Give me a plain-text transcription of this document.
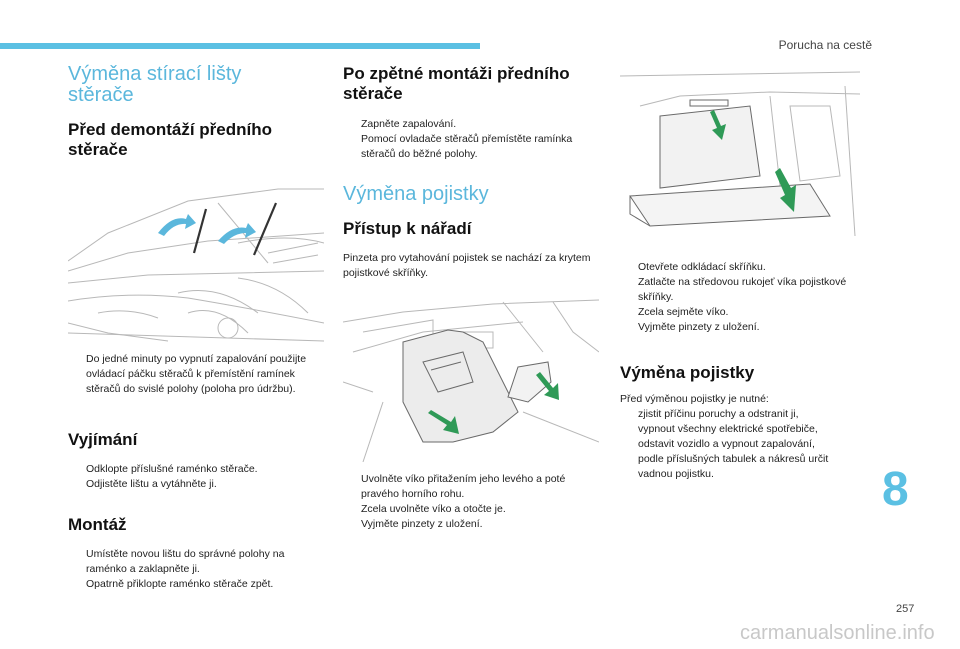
Porucha na cestě
Výměna stírací lišty stěrače
Před demontáží předního stěrače
Do jedné minuty po vypnutí zapalování použijte ovládací páčku stěračů k přemístění ramínek stěračů do svislé polohy (poloha pro údržbu).
Vyjímání
Odklopte příslušné raménko stěrače.
Odjistěte lištu a vytáhněte ji.
Montáž
Umístěte novou lištu do správné polohy na raménko a zaklapněte ji.
Opatrně přiklopte raménko stěrače zpět.
Po zpětné montáži předního stěrače
Zapněte zapalování.
Pomocí ovladače stěračů přemístěte ramínka stěračů do běžné polohy.
Výměna pojistky
Přístup k nářadí

Pinzeta pro vytahování pojistek se nachází za krytem pojistkové skříňky.

Uvolněte víko přitažením jeho levého a poté pravého horního rohu.
Zcela uvolněte víko a otočte je.
Vyjměte pinzety z uložení.
Otevřete odkládací skříňku.
Zatlačte na středovou rukojeť víka pojistkové skříňky.
Zcela sejměte víko.
Vyjměte pinzety z uložení.
Výměna pojistky

Před výměnou pojistky je nutné:

zjistit příčinu poruchy a odstranit ji,
vypnout všechny elektrické spotřebiče,
odstavit vozidlo a vypnout zapalování,
podle příslušných tabulek a nákresů určit vadnou pojistku.	8
257
carmanualsonline.info
